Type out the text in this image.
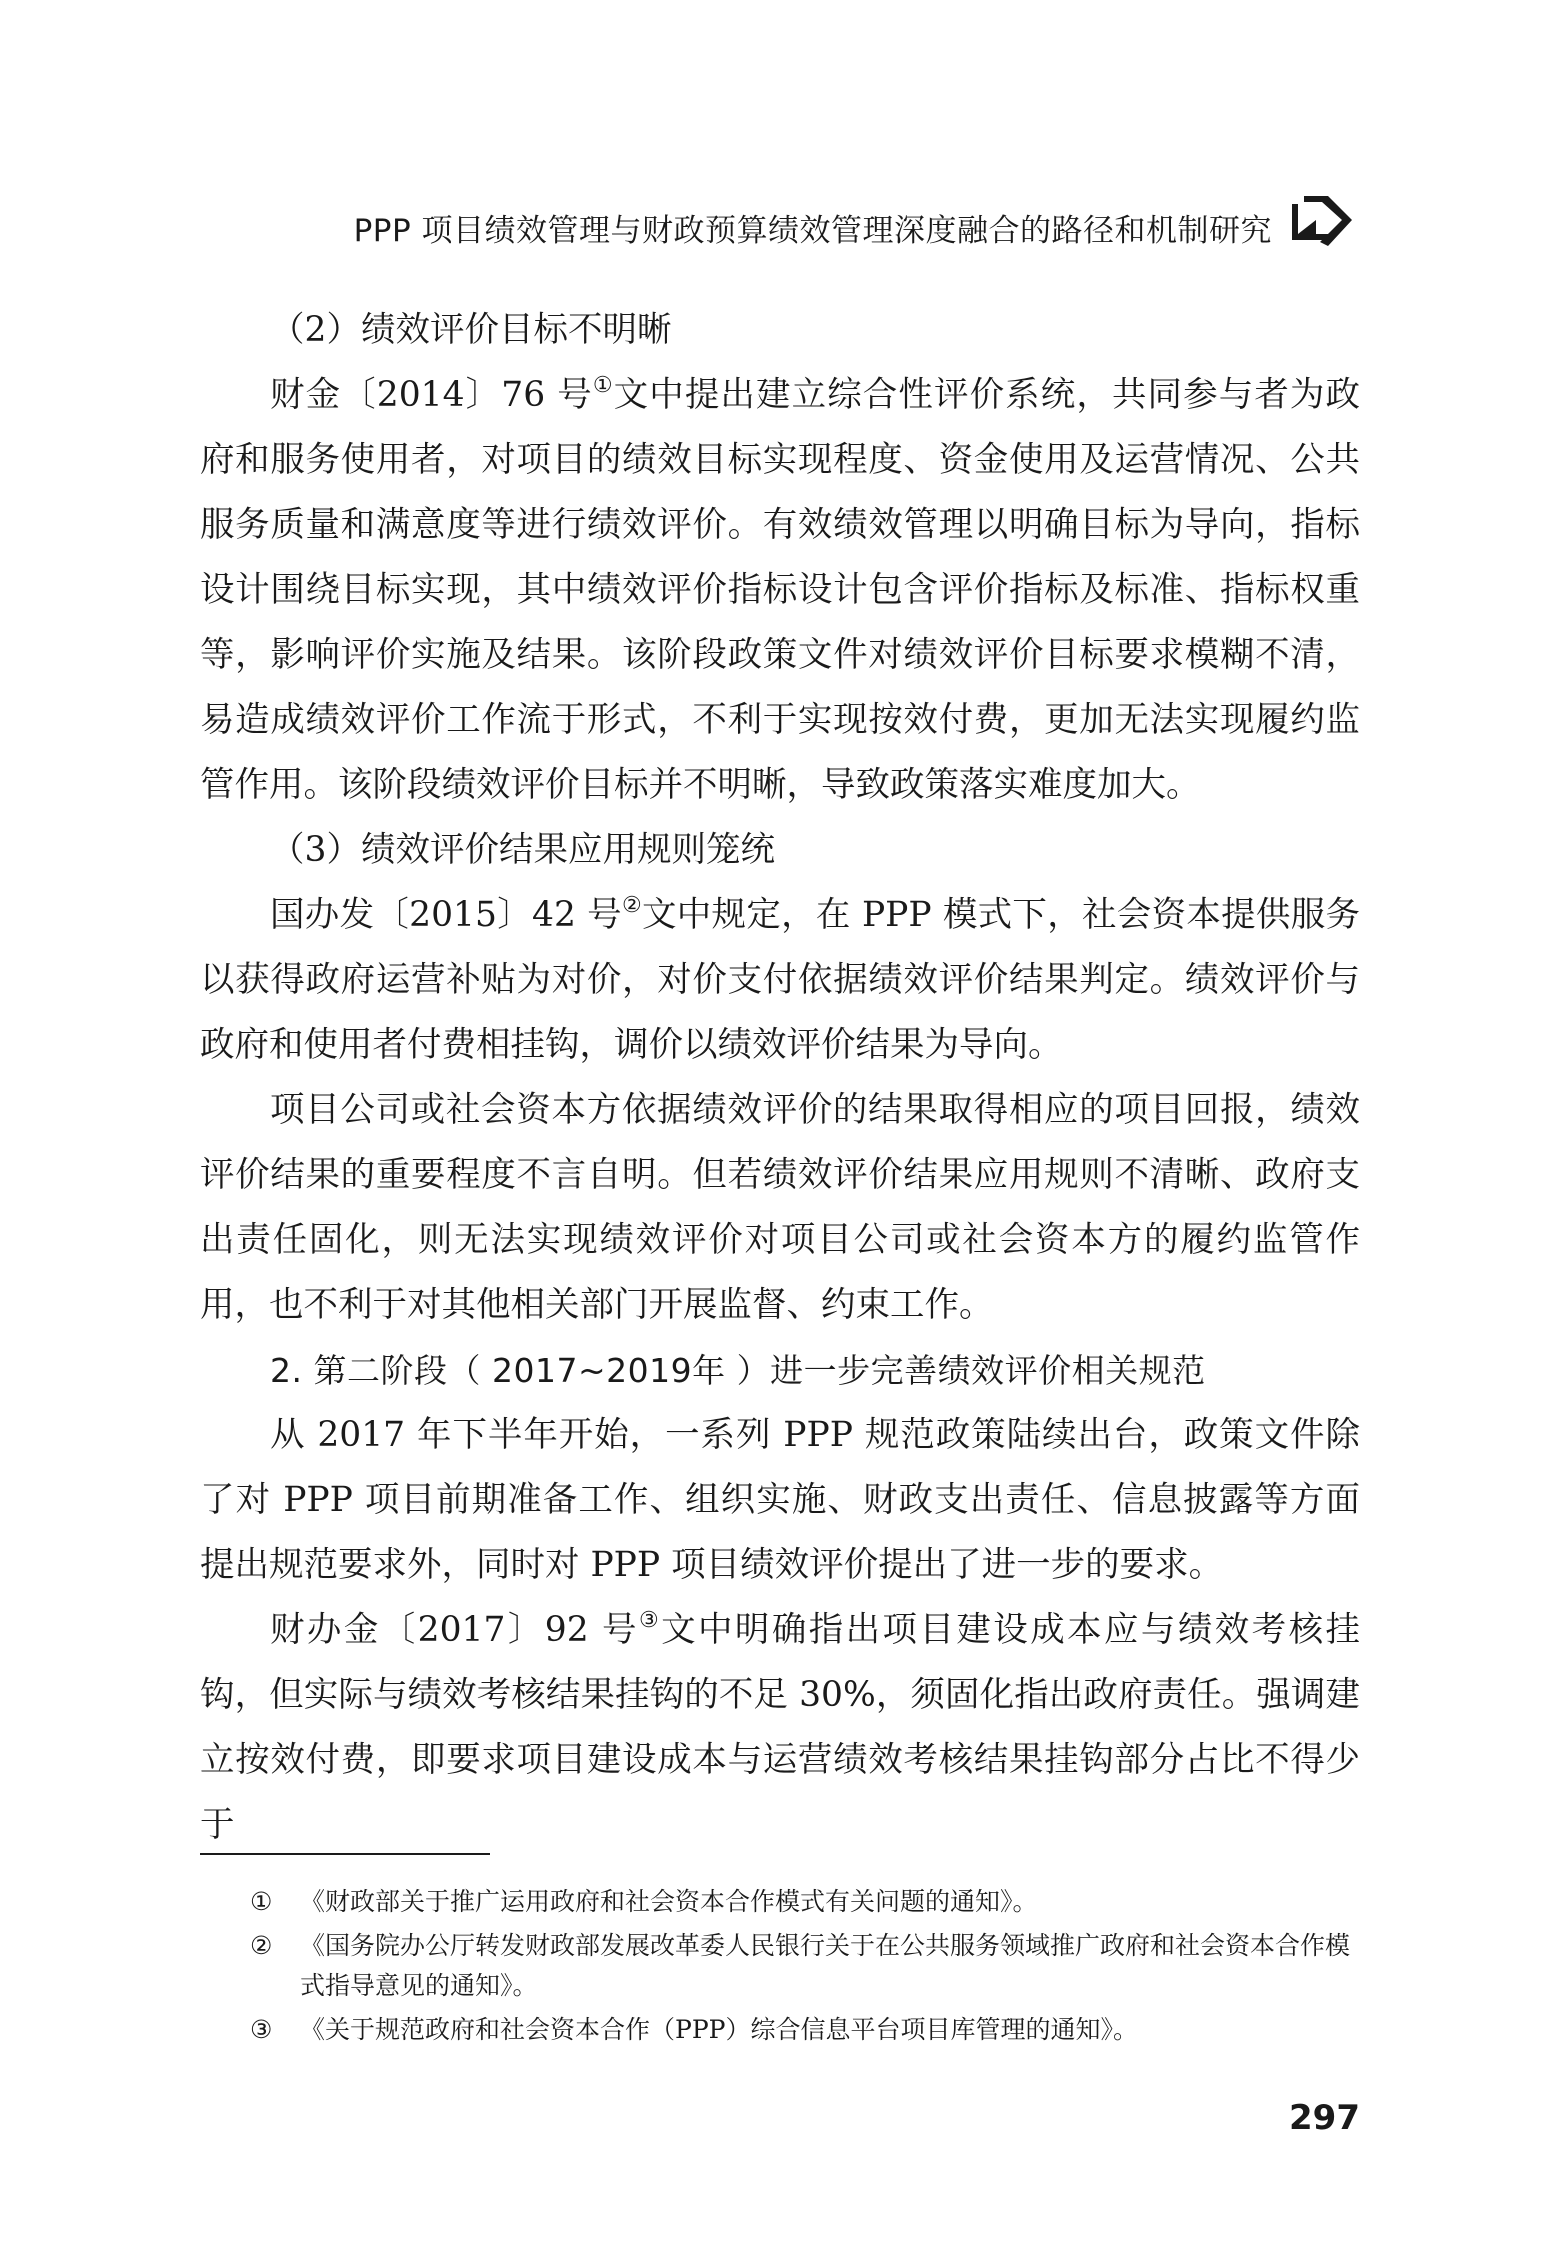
PPP 项目绩效管理与财政预算绩效管理深度融合的路径和机制研究

（2）绩效评价目标不明晰

财金〔2014〕76 号①文中提出建立综合性评价系统，共同参与者为政府和服务使用者，对项目的绩效目标实现程度、资金使用及运营情况、公共服务质量和满意度等进行绩效评价。有效绩效管理以明确目标为导向，指标设计围绕目标实现，其中绩效评价指标设计包含评价指标及标准、指标权重等，影响评价实施及结果。该阶段政策文件对绩效评价目标要求模糊不清，易造成绩效评价工作流于形式，不利于实现按效付费，更加无法实现履约监管作用。该阶段绩效评价目标并不明晰，导致政策落实难度加大。

（3）绩效评价结果应用规则笼统

国办发〔2015〕42 号②文中规定，在 PPP 模式下，社会资本提供服务以获得政府运营补贴为对价，对价支付依据绩效评价结果判定。绩效评价与政府和使用者付费相挂钩，调价以绩效评价结果为导向。

项目公司或社会资本方依据绩效评价的结果取得相应的项目回报，绩效评价结果的重要程度不言自明。但若绩效评价结果应用规则不清晰、政府支出责任固化，则无法实现绩效评价对项目公司或社会资本方的履约监管作用，也不利于对其他相关部门开展监督、约束工作。

2. 第二阶段（ 2017~2019年 ）进一步完善绩效评价相关规范

从 2017 年下半年开始，一系列 PPP 规范政策陆续出台，政策文件除了对 PPP 项目前期准备工作、组织实施、财政支出责任、信息披露等方面提出规范要求外，同时对 PPP 项目绩效评价提出了进一步的要求。

财办金〔2017〕92 号③文中明确指出项目建设成本应与绩效考核挂钩，但实际与绩效考核结果挂钩的不足 30%，须固化指出政府责任。强调建立按效付费，即要求项目建设成本与运营绩效考核结果挂钩部分占比不得少于

①	《财政部关于推广运用政府和社会资本合作模式有关问题的通知》。
②	《国务院办公厅转发财政部发展改革委人民银行关于在公共服务领域推广政府和社会资本合作模式指导意见的通知》。
③	《关于规范政府和社会资本合作（PPP）综合信息平台项目库管理的通知》。
297
